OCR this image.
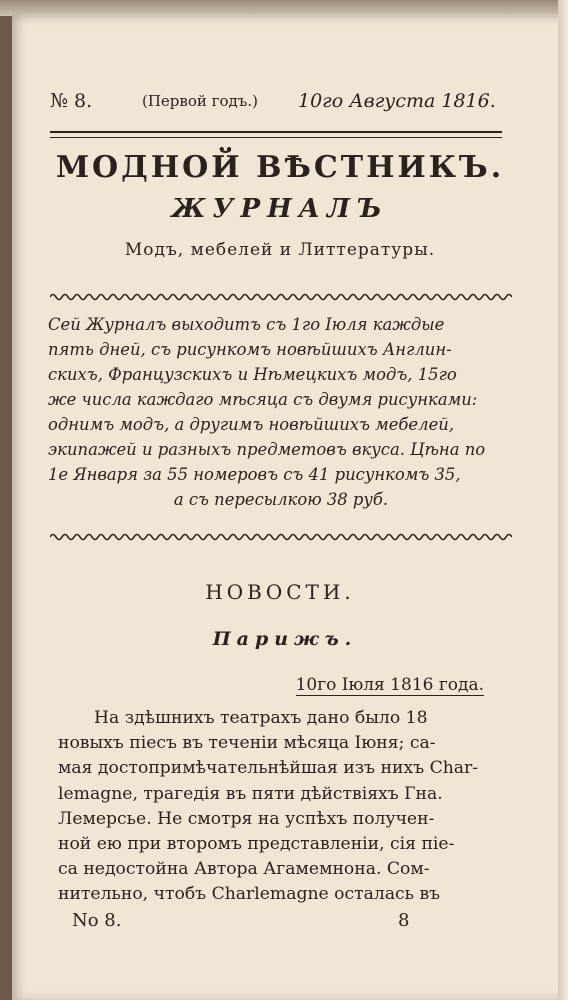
№ 8.	(Первой годъ.) 10го Августа 1816.
МОДНОЙ ВѢСТНИКЪ.
ЖУРНАЛЪ
Модъ, мебелей и Литтературы.
Сей Журналъ выходитъ съ 1го Іюля каждые
пять дней, съ рисункомъ новѣйшихъ Англин-
скихъ, Французскихъ и Нѣмецкихъ модъ, 15го
же числа каждаго мѣсяца съ двумя рисунками:
однимъ модъ, а другимъ новѣйшихъ мебелей,
экипажей и разныхъ предметовъ вкуса. Цѣна по
1е Января за 55 номеровъ съ 41 рисункомъ 35,
а съ пересылкою 38 руб.
НОВОСТИ.
Парижъ.
10го Іюля 1816 года.
На здѣшнихъ театрахъ дано было 18
новыхъ пiесъ въ теченiи мѣсяца Іюня; са-
мая достопримѣчательнѣйшая изъ нихъ Char-
lemagne, трагедiя въ пяти дѣйствiяхъ Гна.
Лемерсье. Не смотря на успѣхъ получен-
ной ею при второмъ представленiи, сiя пiе-
са недостойна Автора Агамемнона. Сом-
нительно, чтобъ Charlemagne осталась въ
No 8.	8
